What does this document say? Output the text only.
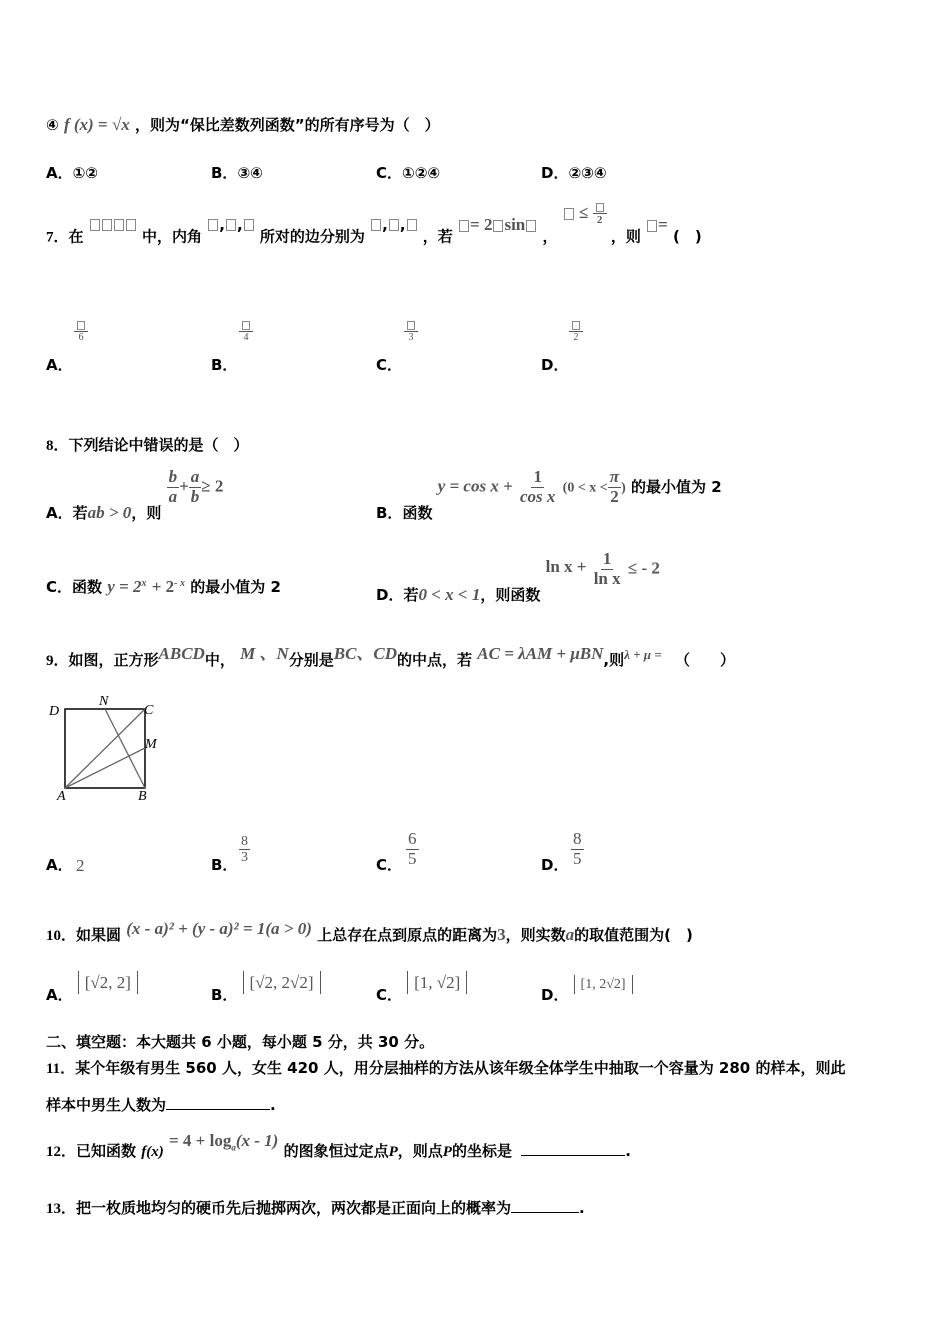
④ f (x) = √x ，则为“保比差数列函数”的所有序号为（　）
A．①②	B．③④	C．①②④	D．②③④
7．在	中，内角 , , 所对的边分别为 , , ，若 = 2 sin ，  ≤ 2
，则 = (　)
6
A．
4
B．
3
C．
2
D．
8．下列结论中错误的是（　）
A．若ab > 0，则
$\frac{b}{a} + \frac{a}{b} \ge 2$
B．函数 $y = \cos x + \frac{1}{\text{cos x}} (0 < x < \frac{\pi}{2}$ ) 的最小值为 2
C．函数 $y = 2^x + 2^{- x}$ 的最小值为 2	D．若0 < x < 1，则函数 $\ln x + \frac{1}{\text{ln x}}$ ≤ - 2
9．如图，正方形ABCD中， M 、N分别是BC、CD的中点，若 AC = λAM + μBN,则λ + μ = （　　）
D
N
C
M
A	B
A． 2	B． $\frac{8}{3}$	C． $\frac{6}{5}$	D． $\frac{8}{5}$
10．如果圆 (x - a)² + (y - a)² = 1(a > 0) 上总存在点到原点的距离为3，则实数a的取值范围为(　)
A． [√2, 2]
B． [√2, 2√2]
C． [1, √2]
D． [1, 2√2]
二、填空题：本大题共 6 小题，每小题 5 分，共 30 分。
11．某个年级有男生 560 人，女生 420 人，用分层抽样的方法从该年级全体学生中抽取一个容量为 280 的样本，则此
样本中男生人数为	.
12．已知函数 $f(x) = 4 + \log_a(x - 1)$ 的图象恒过定点P，则点P的坐标是	.
13．把一枚质地均匀的硬币先后抛掷两次，两次都是正面向上的概率为	.
